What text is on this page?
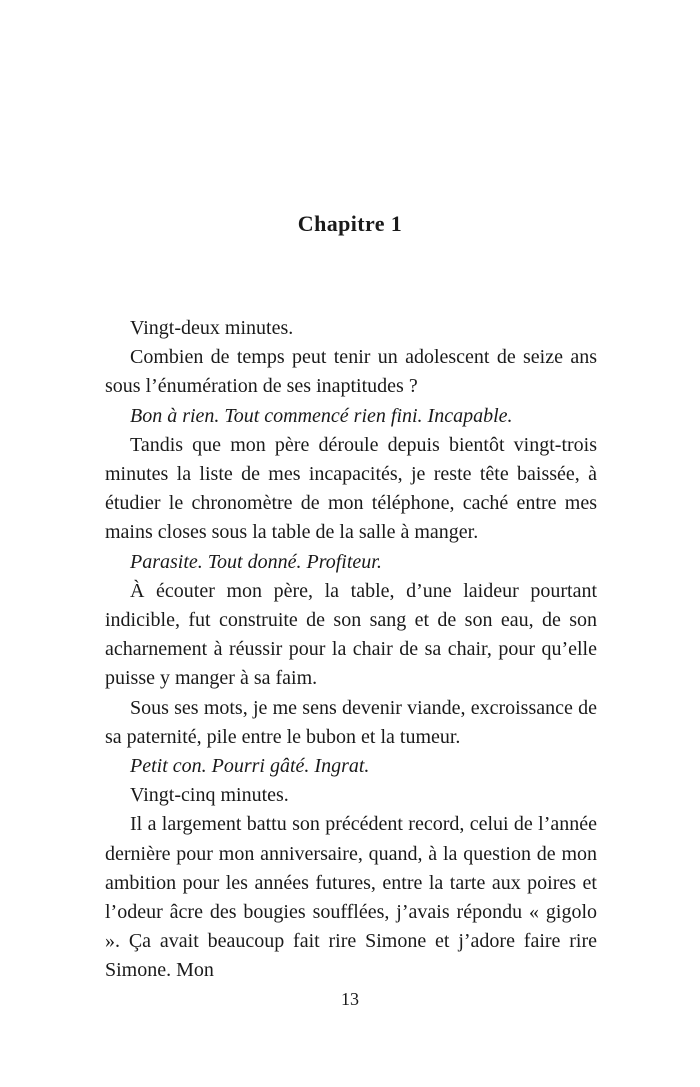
Chapitre 1

Vingt-deux minutes.

Combien de temps peut tenir un adolescent de seize ans sous l’énumération de ses inaptitudes ?

Bon à rien. Tout commencé rien fini. Incapable.

Tandis que mon père déroule depuis bientôt vingt-trois minutes la liste de mes incapacités, je reste tête baissée, à étudier le chronomètre de mon téléphone, caché entre mes mains closes sous la table de la salle à manger.

Parasite. Tout donné. Profiteur.

À écouter mon père, la table, d’une laideur pourtant indicible, fut construite de son sang et de son eau, de son acharnement à réussir pour la chair de sa chair, pour qu’elle puisse y manger à sa faim.

Sous ses mots, je me sens devenir viande, excroissance de sa paternité, pile entre le bubon et la tumeur.

Petit con. Pourri gâté. Ingrat.

Vingt-cinq minutes.

Il a largement battu son précédent record, celui de l’année dernière pour mon anniversaire, quand, à la question de mon ambition pour les années futures, entre la tarte aux poires et l’odeur âcre des bougies soufflées, j’avais répondu « gigolo ». Ça avait beaucoup fait rire Simone et j’adore faire rire Simone. Mon

13
